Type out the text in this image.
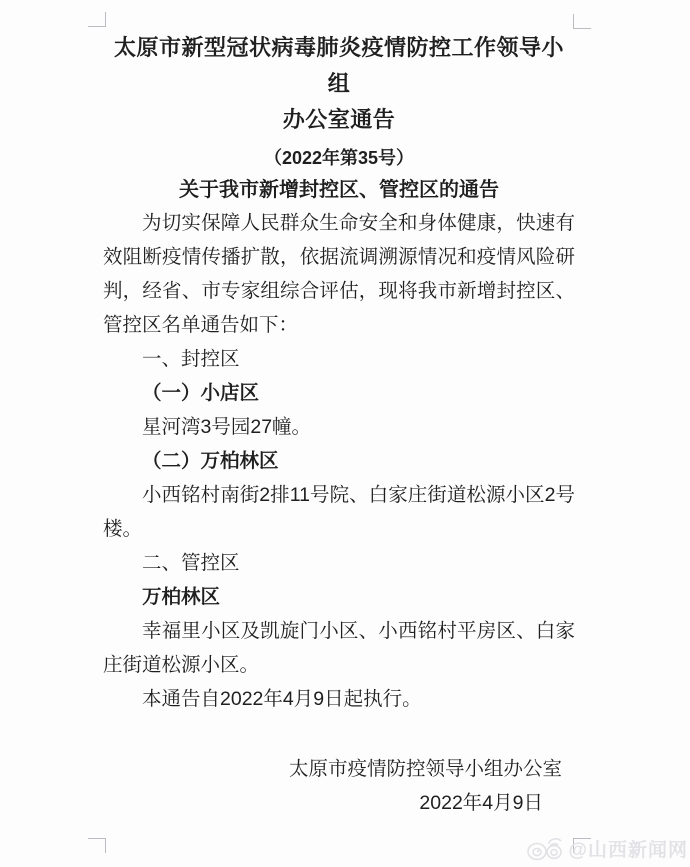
太原市新型冠状病毒肺炎疫情防控工作领导小组
办公室通告
（2022年第35号）
关于我市新增封控区、管控区的通告

为切实保障人民群众生命安全和身体健康，快速有效阻断疫情传播扩散，依据流调溯源情况和疫情风险研判，经省、市专家组综合评估，现将我市新增封控区、管控区名单通告如下：

一、封控区

（一）小店区

星河湾3号园27幢。

（二）万柏林区

小西铭村南街2排11号院、白家庄街道松源小区2号楼。

二、管控区

万柏林区

幸福里小区及凯旋门小区、小西铭村平房区、白家庄街道松源小区。

本通告自2022年4月9日起执行。

太原市疫情防控领导小组办公室
2022年4月9日
@山西新闻网
